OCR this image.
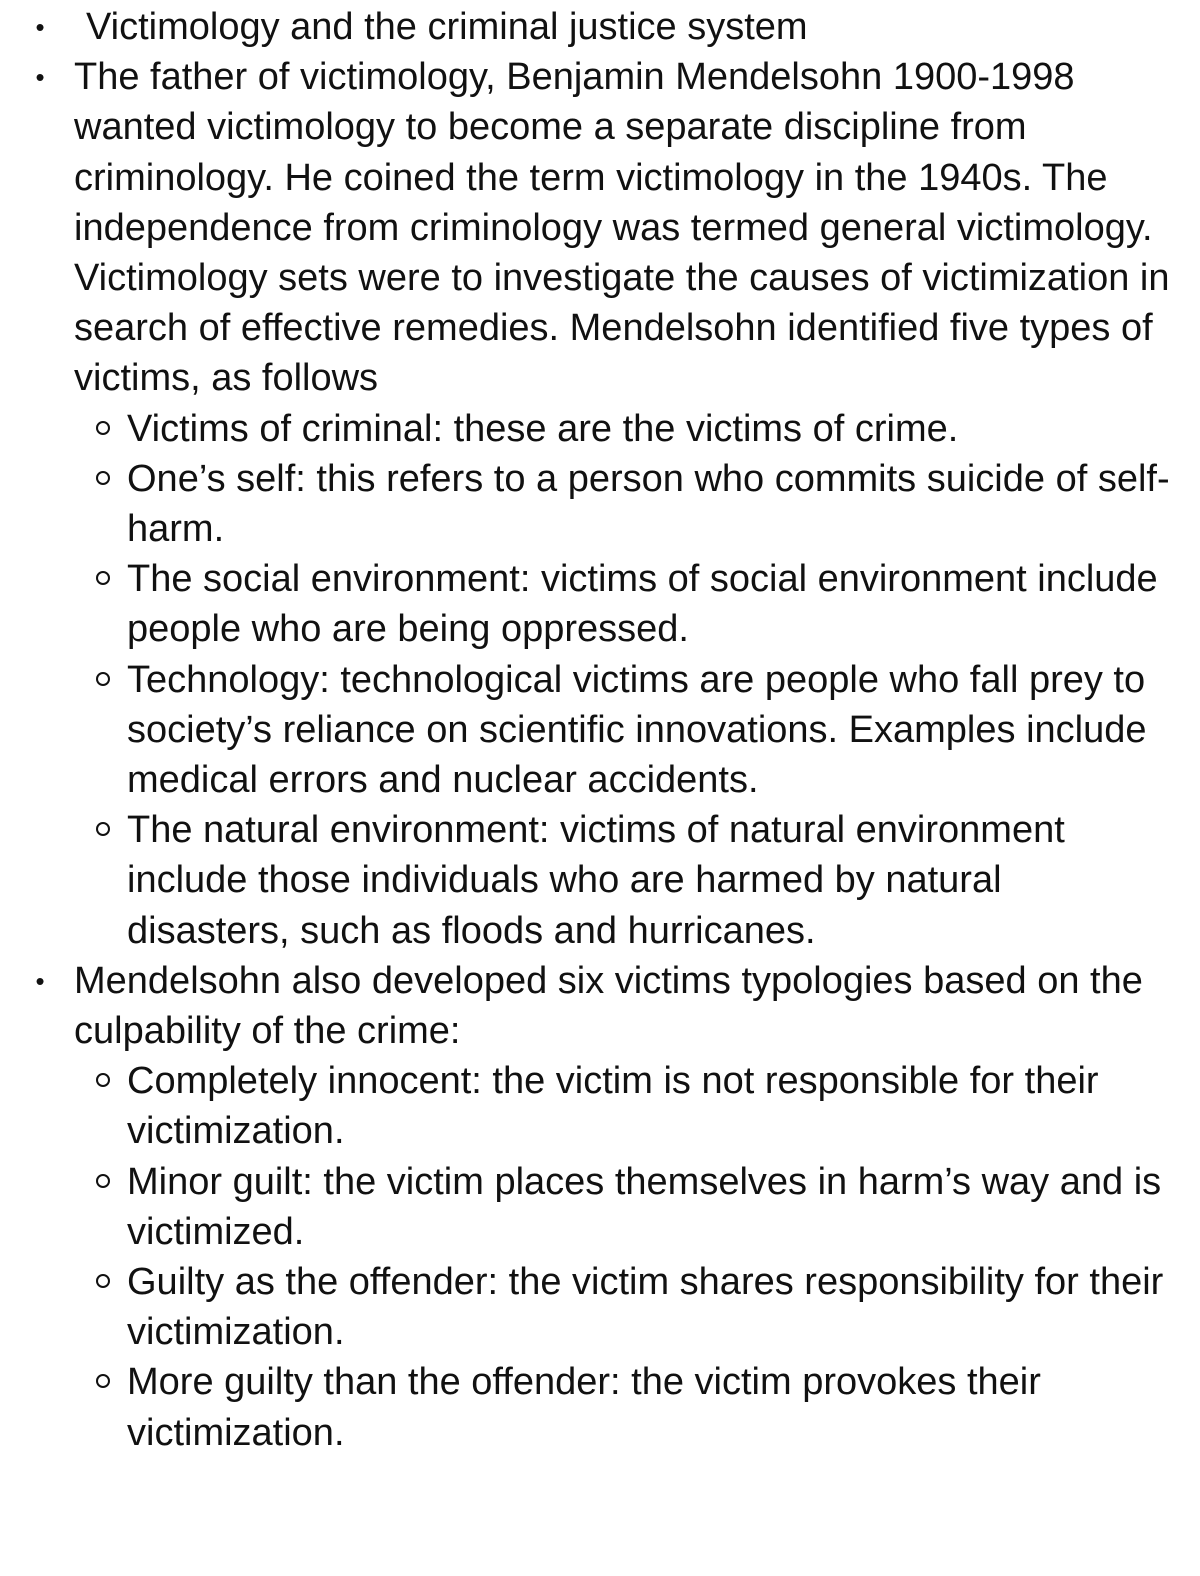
• Victimology and the criminal justice system
• The father of victimology, Benjamin Mendelsohn 1900-1998 wanted victimology to become a separate discipline from criminology. He coined the term victimology in the 1940s. The independence from criminology was termed general victimology. Victimology sets were to investigate the causes of victimization in search of effective remedies. Mendelsohn identified five types of victims, as follows
Victims of criminal: these are the victims of crime.
One’s self: this refers to a person who commits suicide of self-harm.
The social environment: victims of social environment include people who are being oppressed.
Technology: technological victims are people who fall prey to society’s reliance on scientific innovations. Examples include medical errors and nuclear accidents.
The natural environment: victims of natural environment include those individuals who are harmed by natural disasters, such as floods and hurricanes.
• Mendelsohn also developed six victims typologies based on the culpability of the crime:
Completely innocent: the victim is not responsible for their victimization.
Minor guilt: the victim places themselves in harm’s way and is victimized.
Guilty as the offender: the victim shares responsibility for their victimization.
More guilty than the offender: the victim provokes their victimization.
